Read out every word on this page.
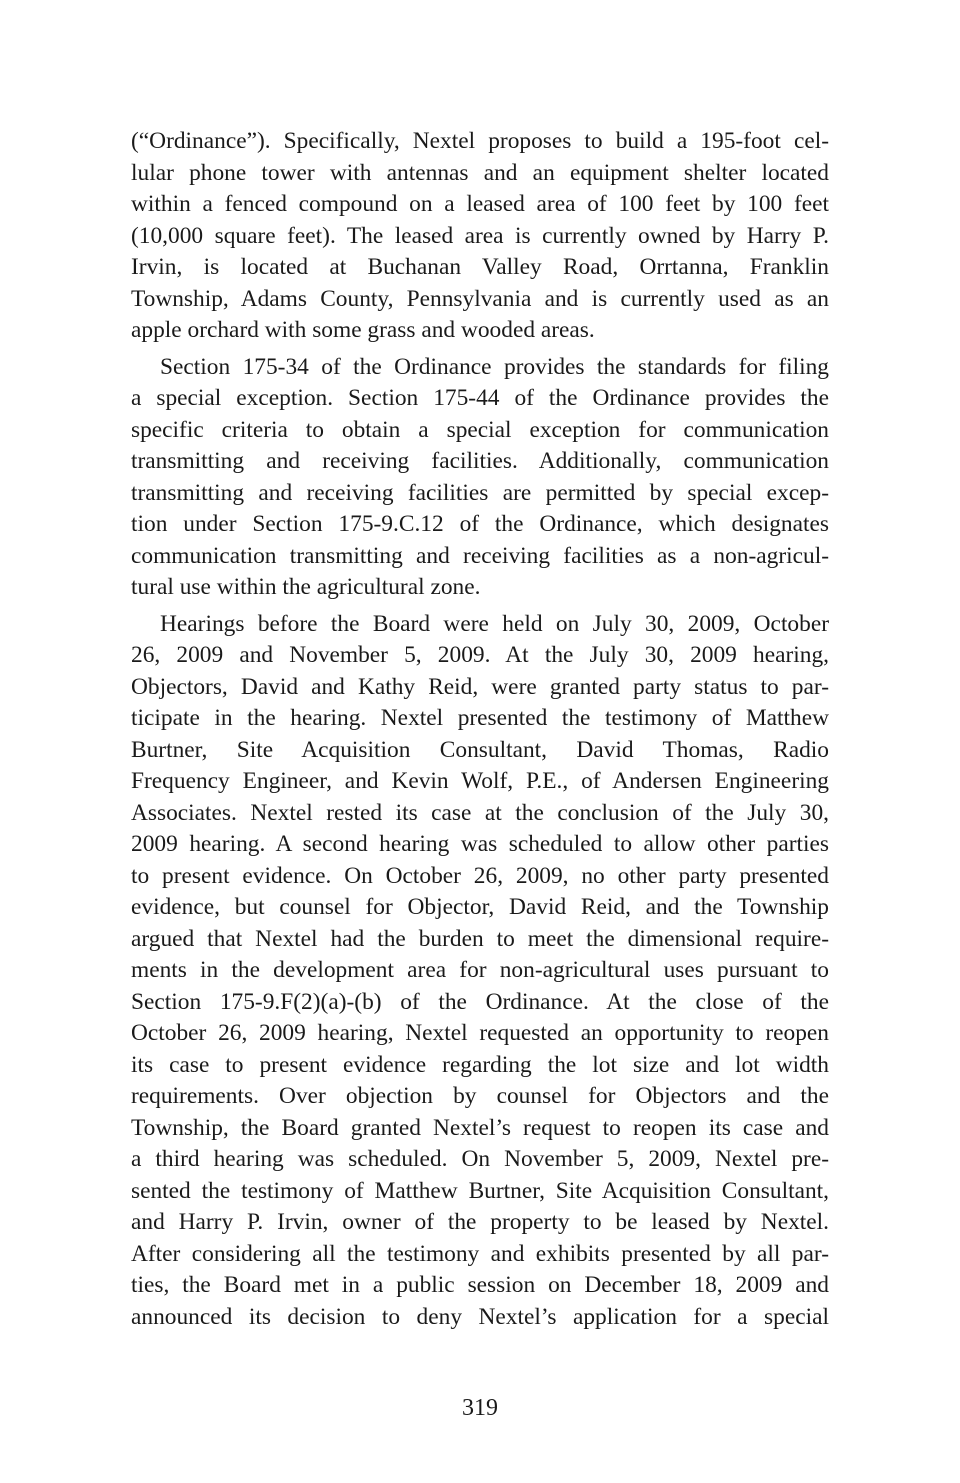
(“Ordinance”). Specifically, Nextel proposes to build a 195-foot cel-
lular phone tower with antennas and an equipment shelter located
within a fenced compound on a leased area of 100 feet by 100 feet
(10,000 square feet). The leased area is currently owned by Harry P.
Irvin, is located at Buchanan Valley Road, Orrtanna, Franklin
Township, Adams County, Pennsylvania and is currently used as an
apple orchard with some grass and wooded areas.

Section 175-34 of the Ordinance provides the standards for filing
a special exception. Section 175-44 of the Ordinance provides the
specific criteria to obtain a special exception for communication
transmitting and receiving facilities. Additionally, communication
transmitting and receiving facilities are permitted by special excep-
tion under Section 175-9.C.12 of the Ordinance, which designates
communication transmitting and receiving facilities as a non-agricul-
tural use within the agricultural zone.

Hearings before the Board were held on July 30, 2009, October
26, 2009 and November 5, 2009. At the July 30, 2009 hearing,
Objectors, David and Kathy Reid, were granted party status to par-
ticipate in the hearing. Nextel presented the testimony of Matthew
Burtner, Site Acquisition Consultant, David Thomas, Radio
Frequency Engineer, and Kevin Wolf, P.E., of Andersen Engineering
Associates. Nextel rested its case at the conclusion of the July 30,
2009 hearing. A second hearing was scheduled to allow other parties
to present evidence. On October 26, 2009, no other party presented
evidence, but counsel for Objector, David Reid, and the Township
argued that Nextel had the burden to meet the dimensional require-
ments in the development area for non-agricultural uses pursuant to
Section 175-9.F(2)(a)-(b) of the Ordinance. At the close of the
October 26, 2009 hearing, Nextel requested an opportunity to reopen
its case to present evidence regarding the lot size and lot width
requirements. Over objection by counsel for Objectors and the
Township, the Board granted Nextel’s request to reopen its case and
a third hearing was scheduled. On November 5, 2009, Nextel pre-
sented the testimony of Matthew Burtner, Site Acquisition Consultant,
and Harry P. Irvin, owner of the property to be leased by Nextel.
After considering all the testimony and exhibits presented by all par-
ties, the Board met in a public session on December 18, 2009 and
announced its decision to deny Nextel’s application for a special

319
